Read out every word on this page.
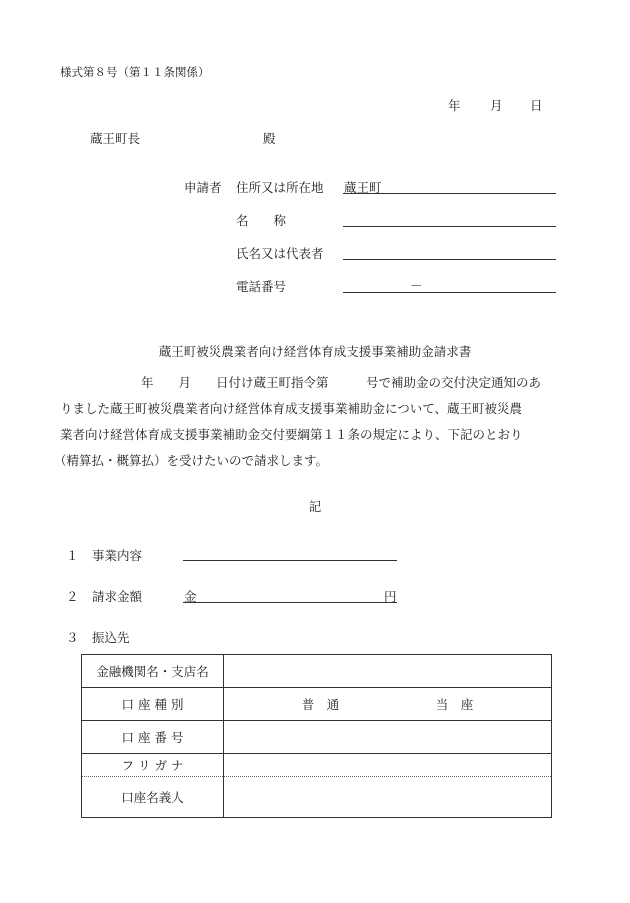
様式第８号（第１１条関係）
年 月 日
蔵王町長	殿
申請者 住所又は所在地 蔵王町
名　　称
氏名又は代表者
電話番号	－
蔵王町被災農業者向け経営体育成支援事業補助金請求書

　　年　　月　　日付け蔵王町指令第　　　号で補助金の交付決定通知のあ

りました蔵王町被災農業者向け経営体育成支援事業補助金について、蔵王町被災農

業者向け経営体育成支援事業補助金交付要綱第１１条の規定により、下記のとおり

（精算払・概算払）を受けたいので請求します。

記
１ 事業内容
２ 請求金額	金	円
３ 振込先
金融機関名・支店名	
口 座 種 別	普　通 当　座
口 座 番 号	
フ リ ガ ナ	
口座名義人	
